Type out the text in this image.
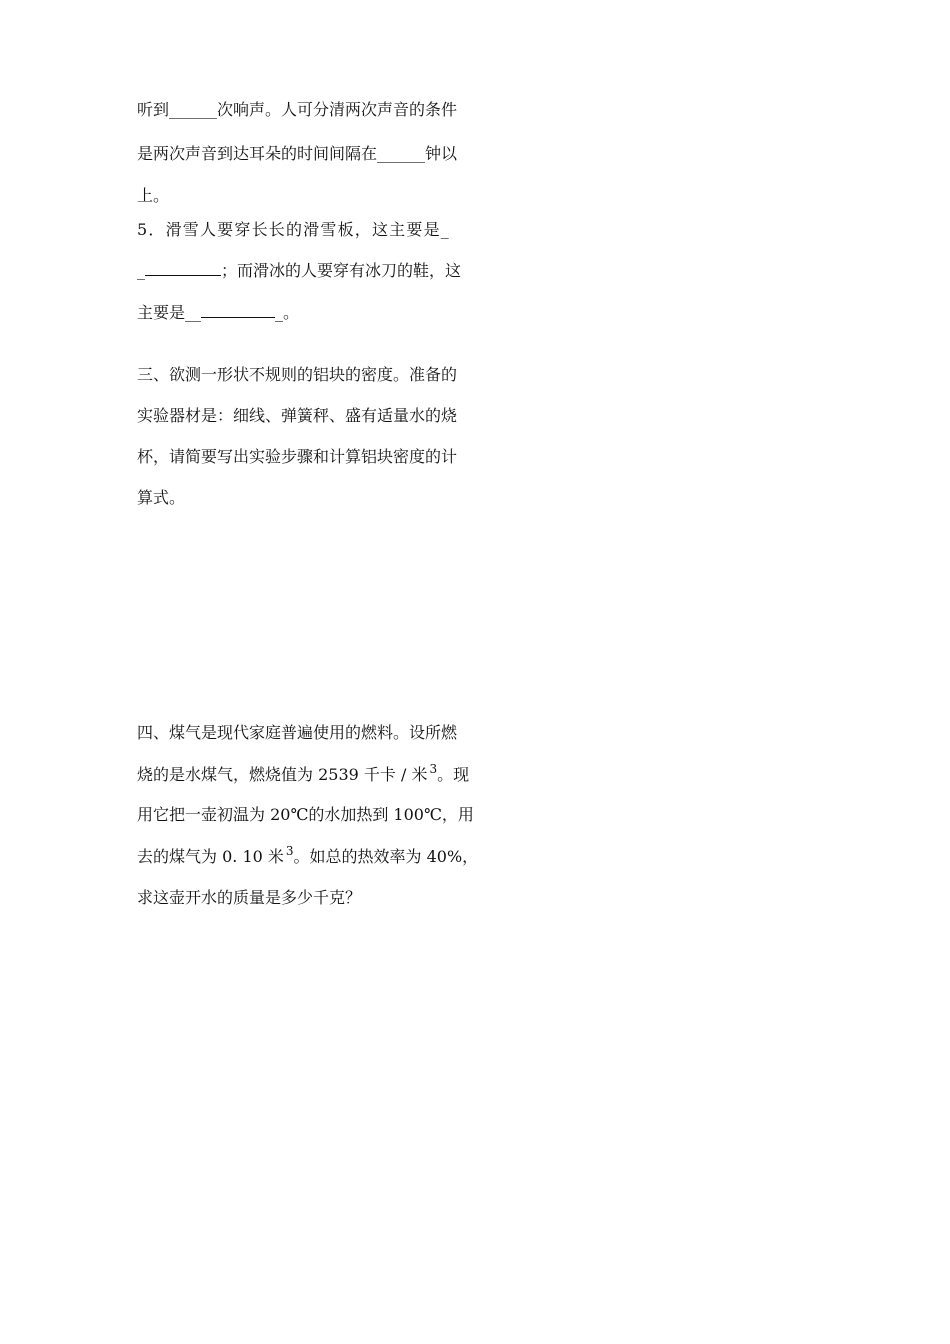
听到______次响声。人可分清两次声音的条件
是两次声音到达耳朵的时间间隔在______钟以
上。
5．滑雪人要穿长长的滑雪板，这主要是_
_	；而滑冰的人要穿有冰刀的鞋，这
主要是__	_。
三、欲测一形状不规则的铝块的密度。准备的
实验器材是：细线、弹簧秤、盛有适量水的烧
杯，请简要写出实验步骤和计算铝块密度的计
算式。
四、煤气是现代家庭普遍使用的燃料。设所燃
烧的是水煤气，燃烧值为 2539 千卡 / 米 $^3$。现
用它把一壶初温为 20℃的水加热到 100℃，用
去的煤气为 0. 10 米 $^3$。如总的热效率为 40%，
求这壶开水的质量是多少千克？
